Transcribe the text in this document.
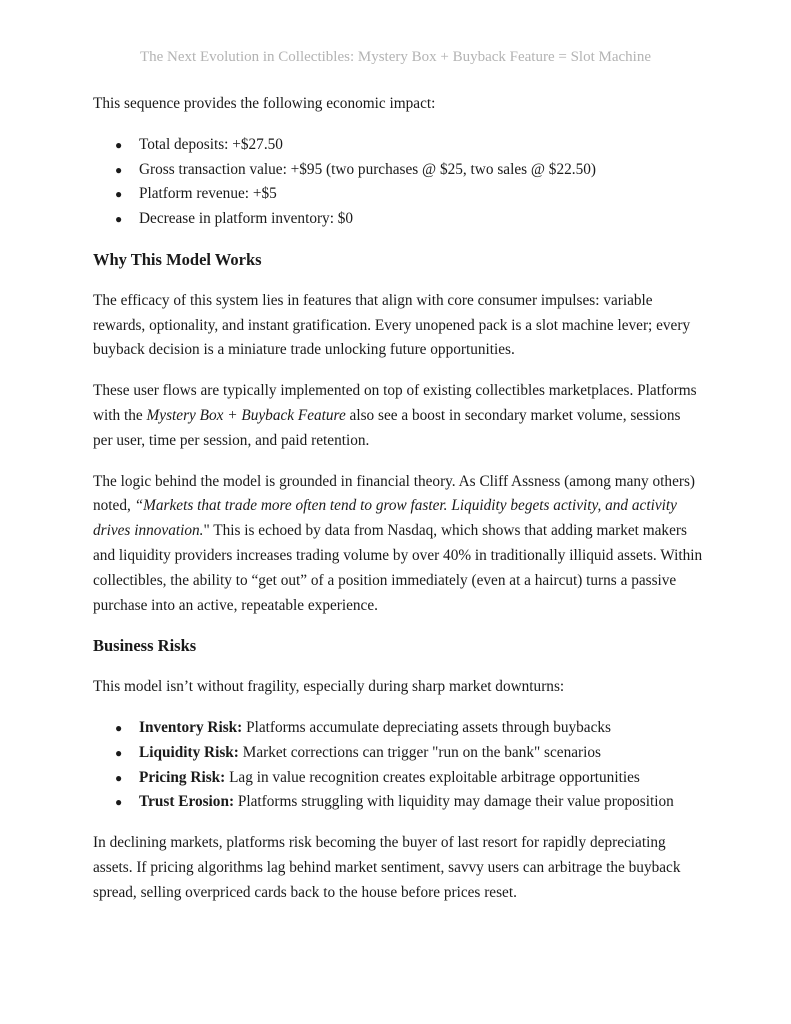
The Next Evolution in Collectibles: Mystery Box + Buyback Feature = Slot Machine

This sequence provides the following economic impact:

● Total deposits: +$27.50
● Gross transaction value: +$95 (two purchases @ $25, two sales @ $22.50)
● Platform revenue: +$5
● Decrease in platform inventory: $0
Why This Model Works

The efficacy of this system lies in features that align with core consumer impulses: variable rewards, optionality, and instant gratification. Every unopened pack is a slot machine lever; every buyback decision is a miniature trade unlocking future opportunities.

These user flows are typically implemented on top of existing collectibles marketplaces. Platforms with the Mystery Box + Buyback Feature also see a boost in secondary market volume, sessions per user, time per session, and paid retention.

The logic behind the model is grounded in financial theory. As Cliff Assness (among many others) noted, “Markets that trade more often tend to grow faster. Liquidity begets activity, and activity drives innovation." This is echoed by data from Nasdaq, which shows that adding market makers and liquidity providers increases trading volume by over 40% in traditionally illiquid assets. Within collectibles, the ability to “get out” of a position immediately (even at a haircut) turns a passive purchase into an active, repeatable experience.

Business Risks

This model isn’t without fragility, especially during sharp market downturns:

● Inventory Risk: Platforms accumulate depreciating assets through buybacks
● Liquidity Risk: Market corrections can trigger "run on the bank" scenarios
● Pricing Risk: Lag in value recognition creates exploitable arbitrage opportunities
● Trust Erosion: Platforms struggling with liquidity may damage their value proposition

In declining markets, platforms risk becoming the buyer of last resort for rapidly depreciating assets. If pricing algorithms lag behind market sentiment, savvy users can arbitrage the buyback spread, selling overpriced cards back to the house before prices reset.
